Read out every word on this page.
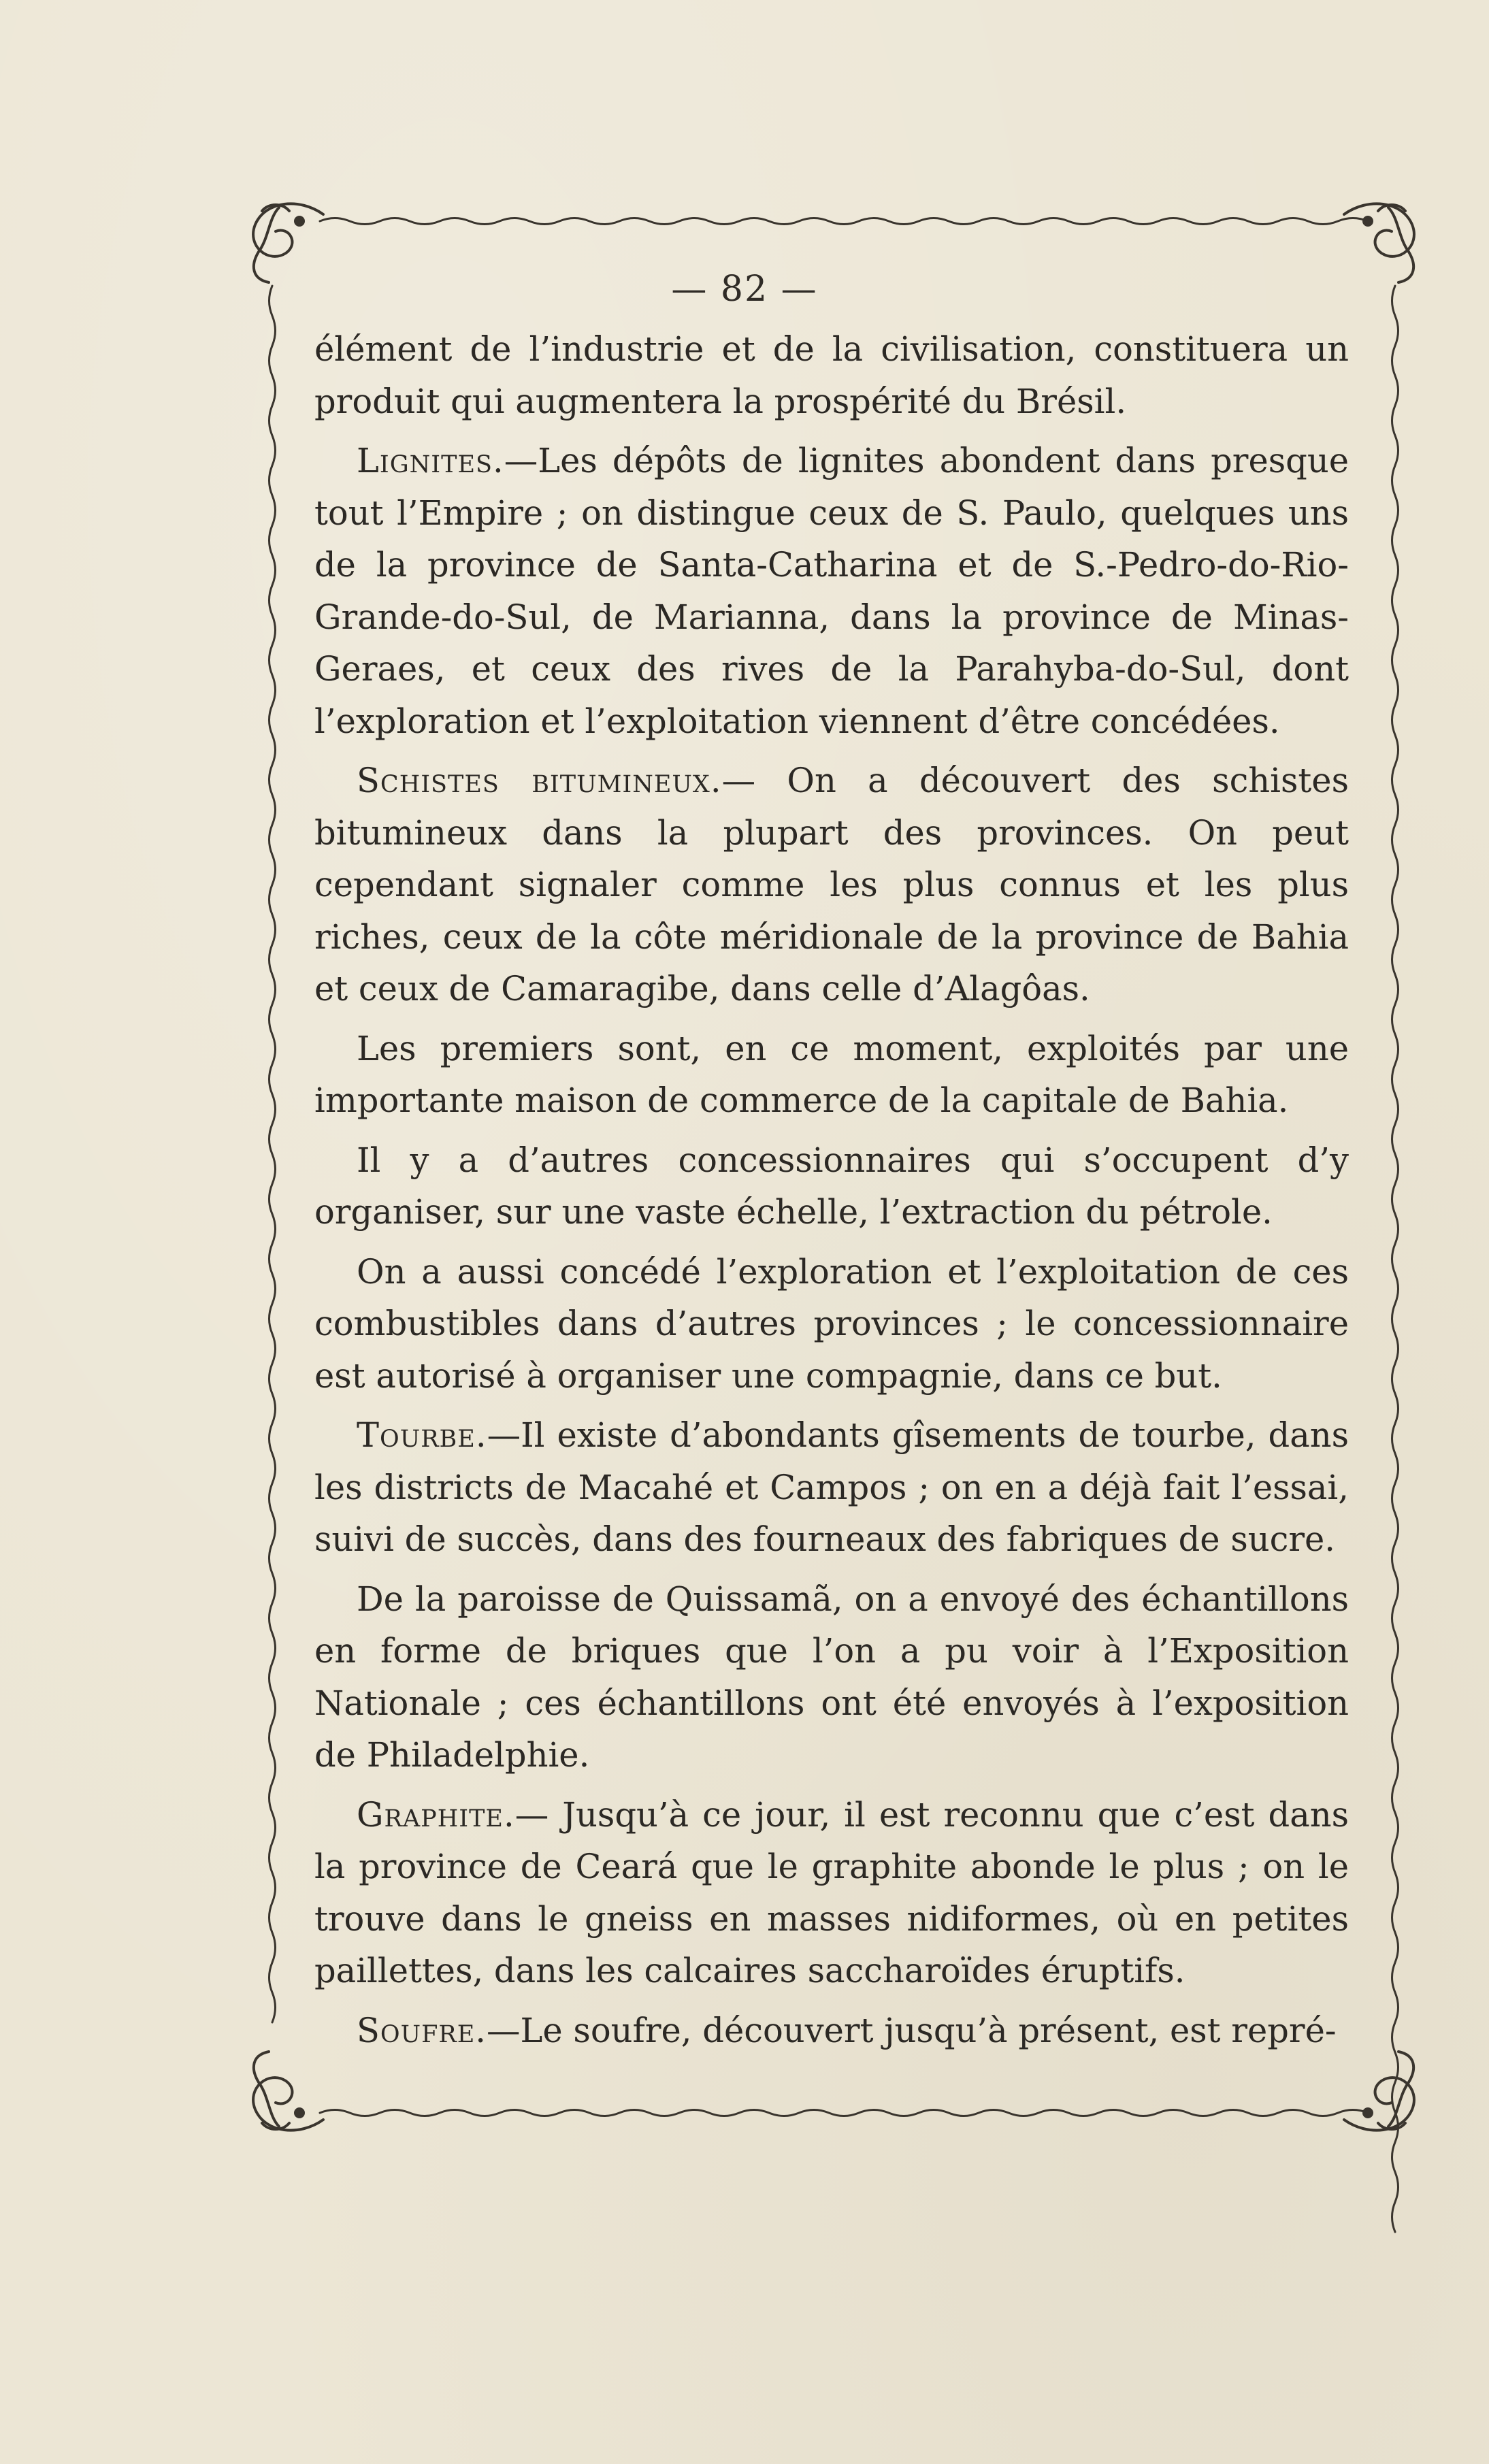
— 82 —

élément de l’industrie et de la civilisation, constituera un produit qui augmentera la prospérité du Brésil.

Lignites.—Les dépôts de lignites abondent dans presque tout l’Empire ; on distingue ceux de S. Paulo, quelques uns de la province de Santa-Catharina et de S.-Pedro-do-Rio-Grande-do-Sul, de Marianna, dans la province de Minas-Geraes, et ceux des rives de la Parahyba-do-Sul, dont l’exploration et l’exploitation viennent d’être concédées.

Schistes bitumineux.— On a découvert des schistes bitumineux dans la plupart des provinces. On peut cependant signaler comme les plus connus et les plus riches, ceux de la côte méridionale de la province de Bahia et ceux de Camaragibe, dans celle d’Alagôas.

Les premiers sont, en ce moment, exploités par une importante maison de commerce de la capitale de Bahia.

Il y a d’autres concessionnaires qui s’occupent d’y organiser, sur une vaste échelle, l’extraction du pétrole.

On a aussi concédé l’exploration et l’exploitation de ces combustibles dans d’autres provinces ; le concessionnaire est autorisé à organiser une compagnie, dans ce but.

Tourbe.—Il existe d’abondants gîsements de tourbe, dans les districts de Macahé et Campos ; on en a déjà fait l’essai, suivi de succès, dans des fourneaux des fabriques de sucre.

De la paroisse de Quissamã, on a envoyé des échantillons en forme de briques que l’on a pu voir à l’Exposition Nationale ; ces échantillons ont été envoyés à l’exposition de Philadelphie.

Graphite.— Jusqu’à ce jour, il est reconnu que c’est dans la province de Ceará que le graphite abonde le plus ; on le trouve dans le gneiss en masses nidiformes, où en petites paillettes, dans les calcaires saccharoïdes éruptifs.

Soufre.—Le soufre, découvert jusqu’à présent, est repré-
